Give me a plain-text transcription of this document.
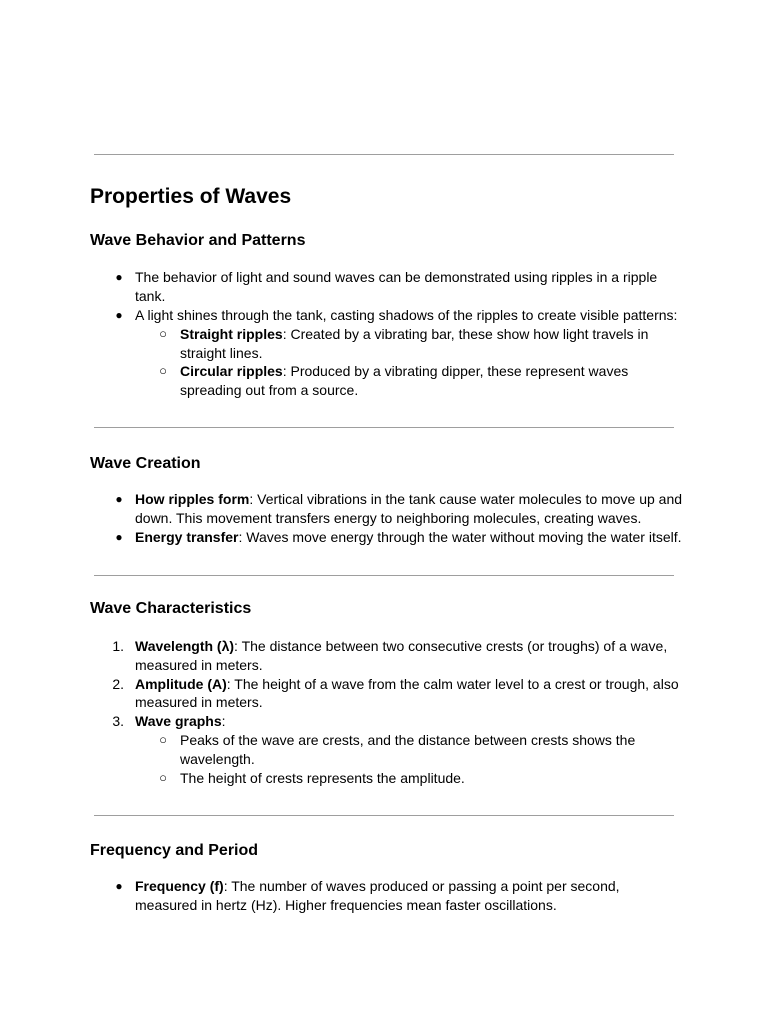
Properties of Waves
Wave Behavior and Patterns
● The behavior of light and sound waves can be demonstrated using ripples in a ripple
tank.
● A light shines through the tank, casting shadows of the ripples to create visible patterns:
○ Straight ripples: Created by a vibrating bar, these show how light travels in
straight lines.
○ Circular ripples: Produced by a vibrating dipper, these represent waves
spreading out from a source.
Wave Creation
● How ripples form: Vertical vibrations in the tank cause water molecules to move up and
down. This movement transfers energy to neighboring molecules, creating waves.
● Energy transfer: Waves move energy through the water without moving the water itself.
Wave Characteristics
1. Wavelength (λ): The distance between two consecutive crests (or troughs) of a wave,
measured in meters.
2. Amplitude (A): The height of a wave from the calm water level to a crest or trough, also
measured in meters.
3. Wave graphs:
○ Peaks of the wave are crests, and the distance between crests shows the
wavelength.
○ The height of crests represents the amplitude.
Frequency and Period
● Frequency (f): The number of waves produced or passing a point per second,
measured in hertz (Hz). Higher frequencies mean faster oscillations.
